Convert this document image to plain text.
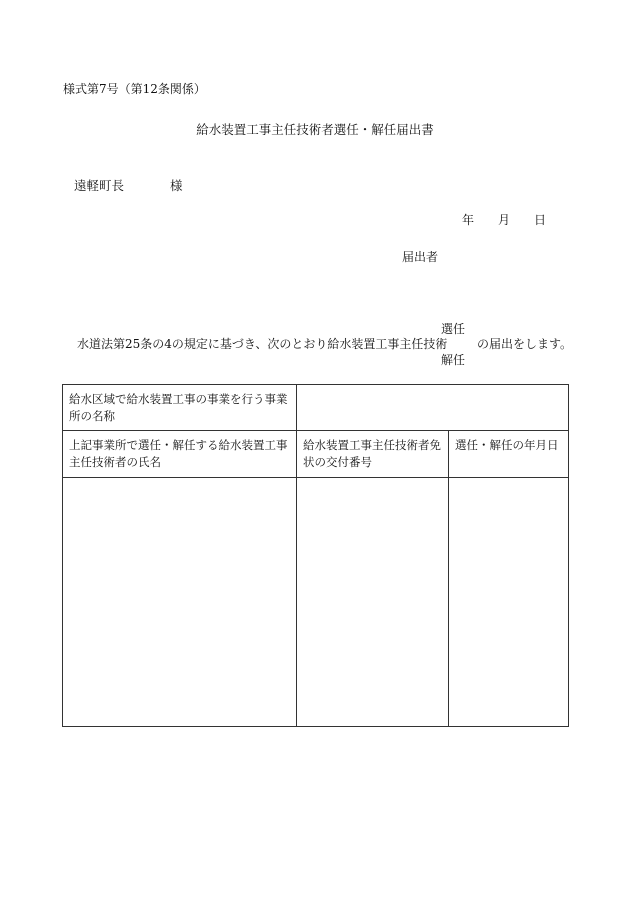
様式第7号（第12条関係）
給水装置工事主任技術者選任・解任届出書
遠軽町長	様
年 月 日
届出者
水道法第25条の4の規定に基づき、次のとおり給水装置工事主任技術
選任
解任
の届出をします。
給水区域で給水装置工事の事業を行う事業所の名称		
上記事業所で選任・解任する給水装置工事主任技術者の氏名	給水装置工事主任技術者免状の交付番号	選任・解任の年月日
